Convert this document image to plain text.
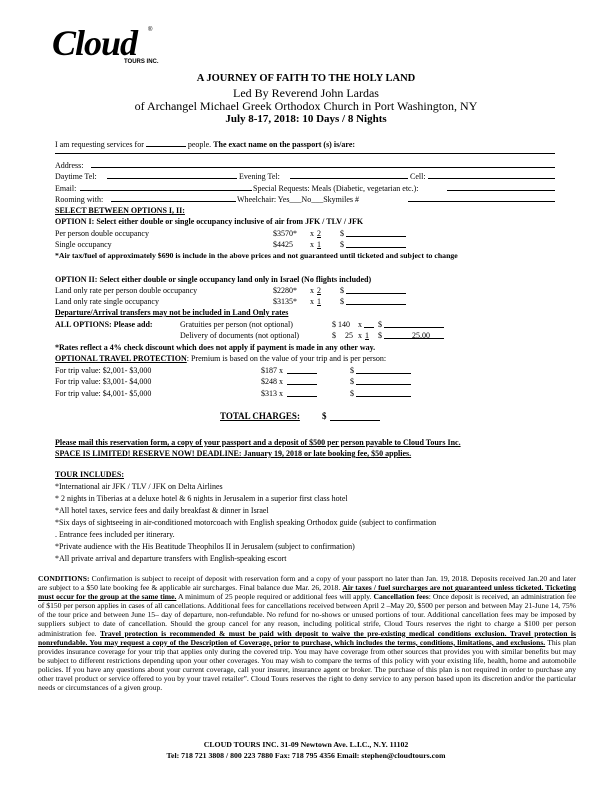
Cloud ®
TOURS INC.
A JOURNEY OF FAITH TO THE HOLY LAND
Led By Reverend John Lardas
of Archangel Michael Greek Orthodox Church in Port Washington, NY
July 8-17, 2018: 10 Days / 8 Nights
I am requesting services for	people. The exact name on the passport (s) is/are:
Address:
Daytime Tel:	Evening Tel:	Cell:
Email:	Special Requests: Meals (Diabetic, vegetarian etc.):
Rooming with:	Wheelchair: Yes___No___Skymiles #
SELECT BETWEEN OPTIONS I, II:
OPTION I: Select either double or single occupancy inclusive of air from JFK / TLV / JFK
Per person double occupancy	$3570* x 2 $
Single occupancy	$4425 x 1 $
*Air tax/fuel of approximately $690 is include in the above prices and not guaranteed until ticketed and subject to change
OPTION II: Select either double or single occupancy land only in Israel (No flights included)
Land only rate per person double occupancy	$2280* x 2 $
Land only rate single occupancy	$3135* x 1 $
Departure/Arrival transfers may not be included in Land Only rates
ALL OPTIONS: Please add:	Gratuities per person (not optional)	$ 140 x $
Delivery of documents (not optional)	$ 25 x 1 $	25.00
*Rates reflect a 4% check discount which does not apply if payment is made in any other way.
OPTIONAL TRAVEL PROTECTION: Premium is based on the value of your trip and is per person:
For trip value: $2,001- $3,000	$187 x	$
For trip value: $3,001- $4,000	$248 x	$
For trip value: $4,001- $5,000	$313 x	$
TOTAL CHARGES: $
Please mail this reservation form, a copy of your passport and a deposit of $500 per person payable to Cloud Tours Inc.
SPACE IS LIMITED! RESERVE NOW! DEADLINE: January 19, 2018 or late booking fee, $50 applies.
TOUR INCLUDES:
*International air JFK / TLV / JFK on Delta Airlines
* 2 nights in Tiberias at a deluxe hotel & 6 nights in Jerusalem in a superior first class hotel
*All hotel taxes, service fees and daily breakfast & dinner in Israel
*Six days of sightseeing in air-conditioned motorcoach with English speaking Orthodox guide (subject to confirmation
. Entrance fees included per itinerary.
*Private audience with the His Beatitude Theophilos II in Jerusalem (subject to confirmation)
*All private arrival and departure transfers with English-speaking escort
CONDITIONS: Confirmation is subject to receipt of deposit with reservation form and a copy of your passport no later than Jan. 19, 2018. Deposits received Jan.20 and later are subject to a $50 late booking fee & applicable air surcharges. Final balance due Mar. 26, 2018. Air taxes / fuel surcharges are not guaranteed unless ticketed. Ticketing must occur for the group at the same time. A minimum of 25 people required or additional fees will apply. Cancellation fees: Once deposit is received, an administration fee of $150 per person applies in cases of all cancellations. Additional fees for cancellations received between April 2 –May 20, $500 per person and between May 21-June 14, 75% of the tour price and between June 15– day of departure, non-refundable. No refund for no-shows or unused portions of tour. Additional cancellation fees may be imposed by suppliers subject to date of cancellation. Should the group cancel for any reason, including political strife, Cloud Tours reserves the right to charge a $100 per person administration fee. Travel protection is recommended & must be paid with deposit to waive the pre-existing medical conditions exclusion. Travel protection is nonrefundable. You may request a copy of the Description of Coverage, prior to purchase, which includes the terms, conditions, limitations, and exclusions. This plan provides insurance coverage for your trip that applies only during the covered trip. You may have coverage from other sources that provides you with similar benefits but may be subject to different restrictions depending upon your other coverages. You may wish to compare the terms of this policy with your existing life, health, home and automobile policies. If you have any questions about your current coverage, call your insurer, insurance agent or broker. The purchase of this plan is not required in order to purchase any other travel product or service offered to you by your travel retailer”. Cloud Tours reserves the right to deny service to any person based upon its discretion and/or the particular needs or circumstances of a given group.
CLOUD TOURS INC. 31-09 Newtown Ave. L.I.C., N.Y. 11102
Tel: 718 721 3808 / 800 223 7880 Fax: 718 795 4356 Email: stephen@cloudtours.com
